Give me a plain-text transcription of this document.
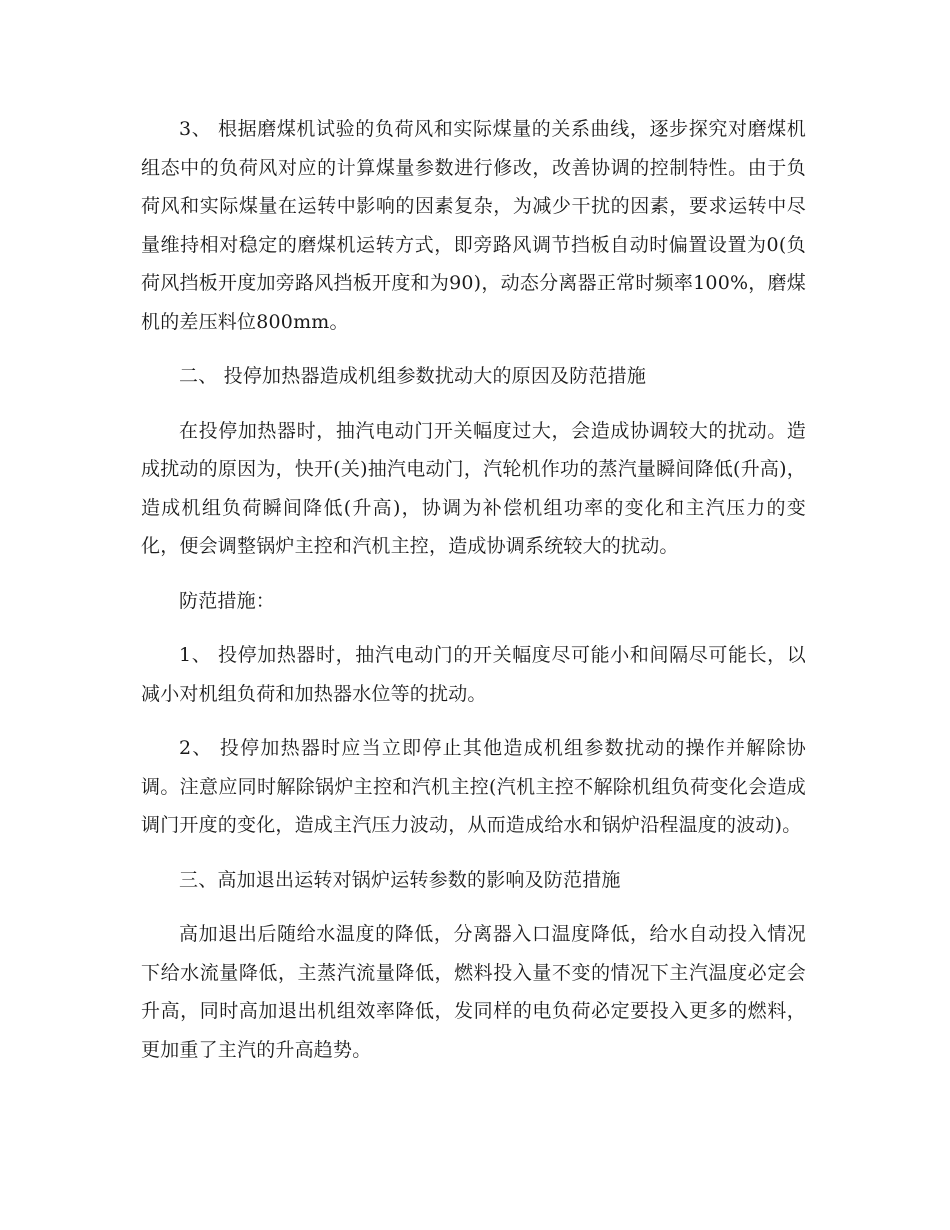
3、 根据磨煤机试验的负荷风和实际煤量的关系曲线，逐步探究对磨煤机组态中的负荷风对应的计算煤量参数进行修改，改善协调的控制特性。由于负荷风和实际煤量在运转中影响的因素复杂，为减少干扰的因素，要求运转中尽量维持相对稳定的磨煤机运转方式，即旁路风调节挡板自动时偏置设置为0(负荷风挡板开度加旁路风挡板开度和为90)，动态分离器正常时频率100%，磨煤机的差压料位800mm。

二、 投停加热器造成机组参数扰动大的原因及防范措施

在投停加热器时，抽汽电动门开关幅度过大，会造成协调较大的扰动。造成扰动的原因为，快开(关)抽汽电动门，汽轮机作功的蒸汽量瞬间降低(升高)，造成机组负荷瞬间降低(升高)，协调为补偿机组功率的变化和主汽压力的变化，便会调整锅炉主控和汽机主控，造成协调系统较大的扰动。

防范措施：

1、 投停加热器时，抽汽电动门的开关幅度尽可能小和间隔尽可能长，以减小对机组负荷和加热器水位等的扰动。

2、 投停加热器时应当立即停止其他造成机组参数扰动的操作并解除协调。注意应同时解除锅炉主控和汽机主控(汽机主控不解除机组负荷变化会造成调门开度的变化，造成主汽压力波动，从而造成给水和锅炉沿程温度的波动)。

三、高加退出运转对锅炉运转参数的影响及防范措施

高加退出后随给水温度的降低，分离器入口温度降低，给水自动投入情况下给水流量降低，主蒸汽流量降低，燃料投入量不变的情况下主汽温度必定会升高，同时高加退出机组效率降低，发同样的电负荷必定要投入更多的燃料，更加重了主汽的升高趋势。
